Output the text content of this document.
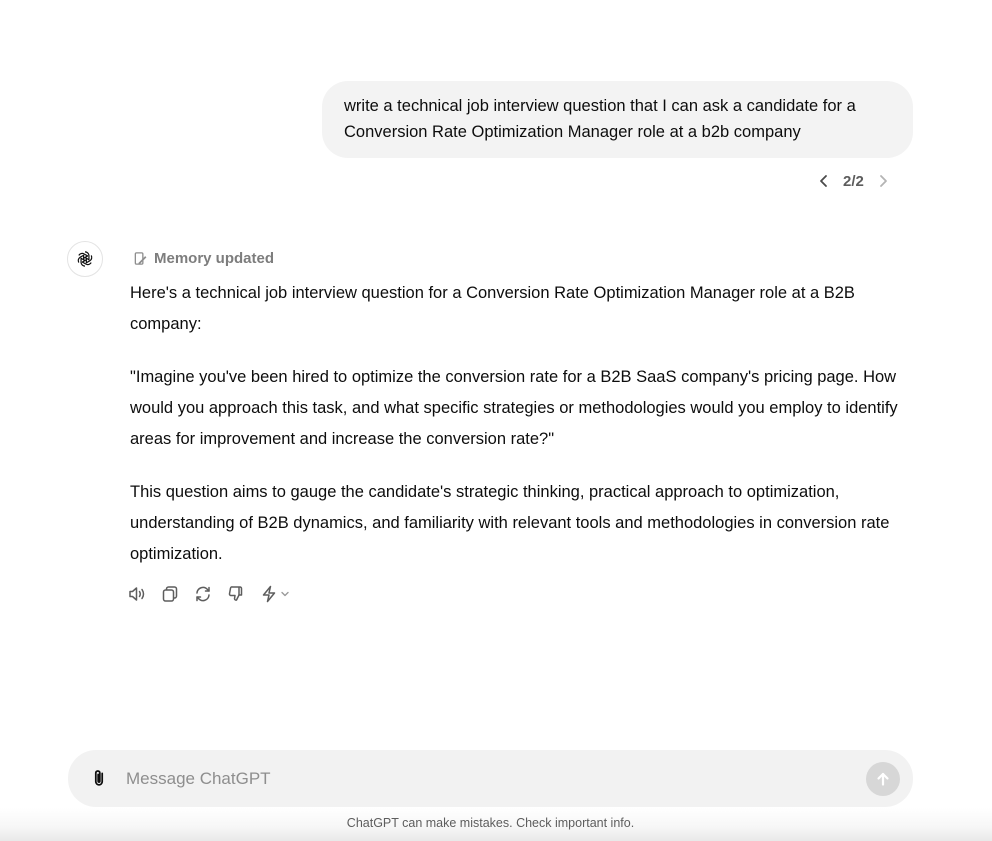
write a technical job interview question that I can ask a candidate for a Conversion Rate Optimization Manager role at a b2b company
2/2
Memory updated

Here's a technical job interview question for a Conversion Rate Optimization Manager role at a B2B company:

"Imagine you've been hired to optimize the conversion rate for a B2B SaaS company's pricing page. How would you approach this task, and what specific strategies or methodologies would you employ to identify areas for improvement and increase the conversion rate?"

This question aims to gauge the candidate's strategic thinking, practical approach to optimization, understanding of B2B dynamics, and familiarity with relevant tools and methodologies in conversion rate optimization.

Message ChatGPT
ChatGPT can make mistakes. Check important info.
